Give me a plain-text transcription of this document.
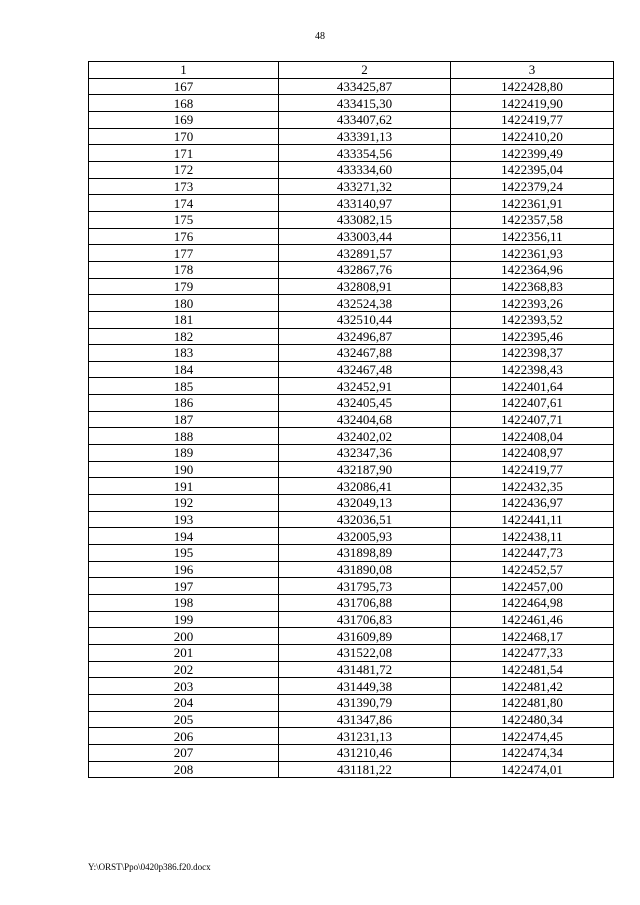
48
1	2	3
167	433425,87	1422428,80
168	433415,30	1422419,90
169	433407,62	1422419,77
170	433391,13	1422410,20
171	433354,56	1422399,49
172	433334,60	1422395,04
173	433271,32	1422379,24
174	433140,97	1422361,91
175	433082,15	1422357,58
176	433003,44	1422356,11
177	432891,57	1422361,93
178	432867,76	1422364,96
179	432808,91	1422368,83
180	432524,38	1422393,26
181	432510,44	1422393,52
182	432496,87	1422395,46
183	432467,88	1422398,37
184	432467,48	1422398,43
185	432452,91	1422401,64
186	432405,45	1422407,61
187	432404,68	1422407,71
188	432402,02	1422408,04
189	432347,36	1422408,97
190	432187,90	1422419,77
191	432086,41	1422432,35
192	432049,13	1422436,97
193	432036,51	1422441,11
194	432005,93	1422438,11
195	431898,89	1422447,73
196	431890,08	1422452,57
197	431795,73	1422457,00
198	431706,88	1422464,98
199	431706,83	1422461,46
200	431609,89	1422468,17
201	431522,08	1422477,33
202	431481,72	1422481,54
203	431449,38	1422481,42
204	431390,79	1422481,80
205	431347,86	1422480,34
206	431231,13	1422474,45
207	431210,46	1422474,34
208	431181,22	1422474,01
Y:\ORST\Ppo\0420p386.f20.docx
